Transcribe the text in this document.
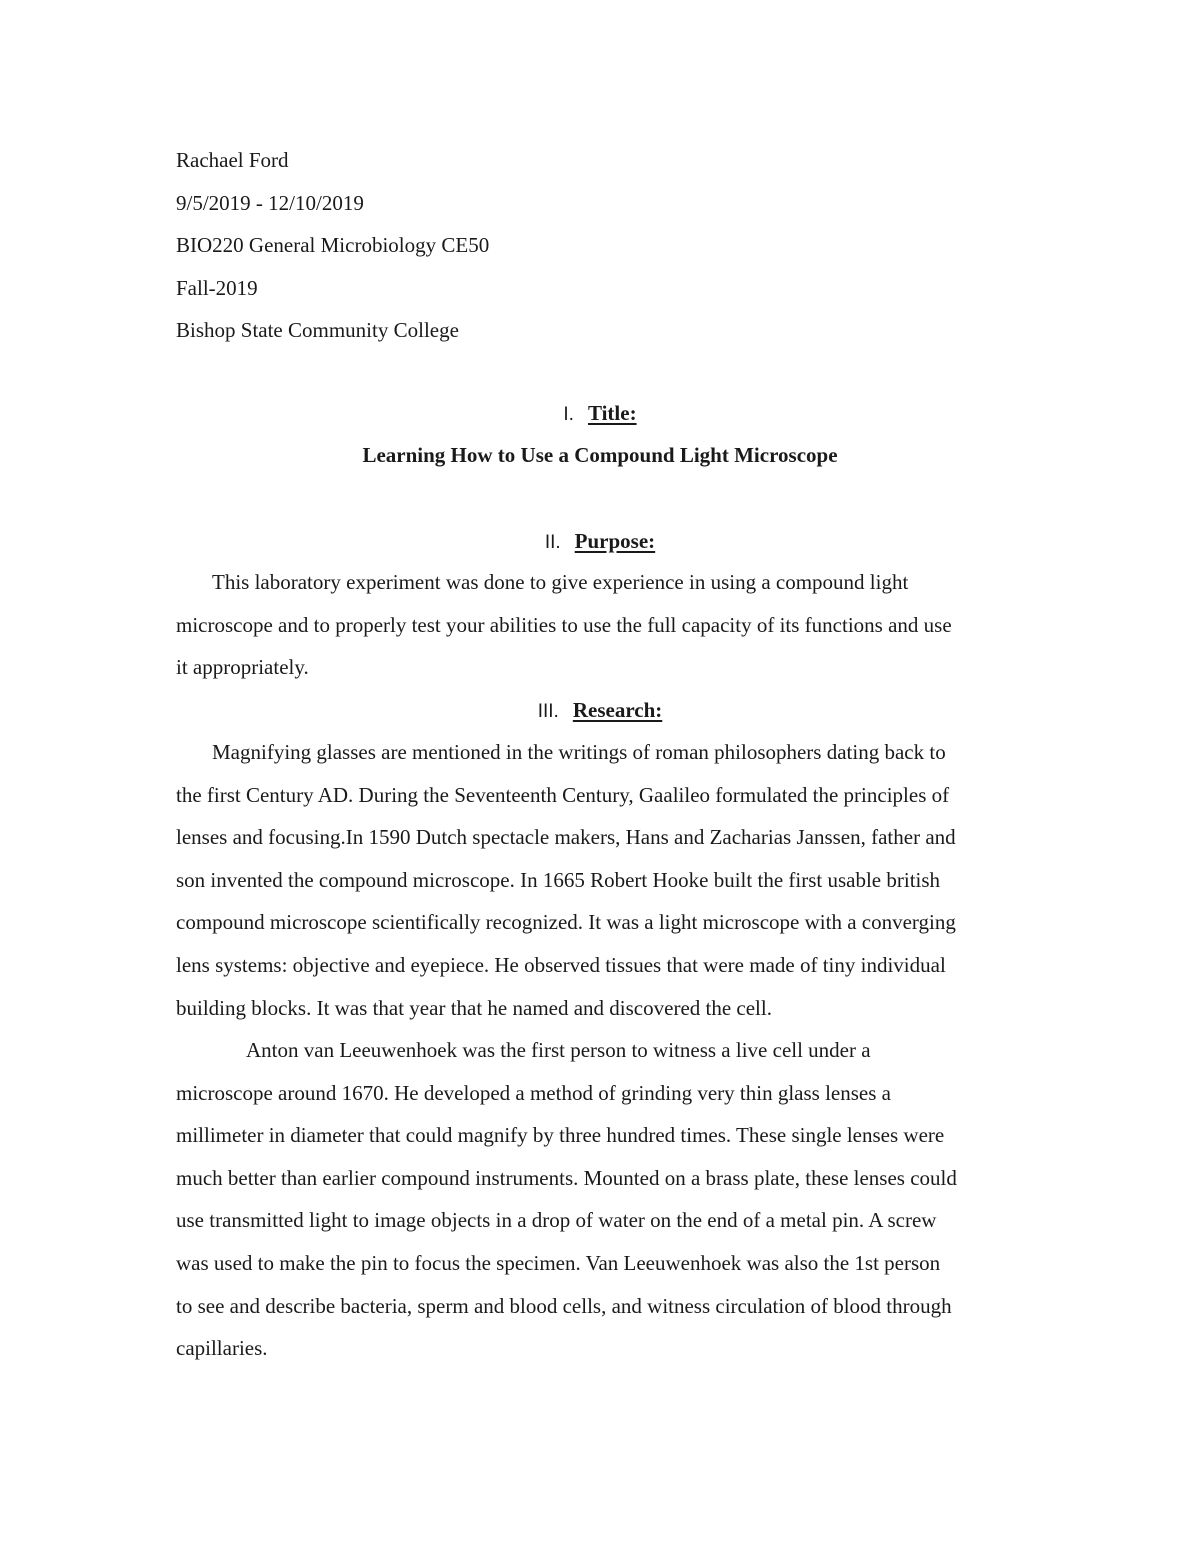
Rachael Ford
9/5/2019 - 12/10/2019
BIO220 General Microbiology CE50
Fall-2019
Bishop State Community College
I. Title:
Learning How to Use a Compound Light Microscope
II. Purpose:
This laboratory experiment was done to give experience in using a compound light
microscope and to properly test your abilities to use the full capacity of its functions and use
it appropriately.
III. Research:
Magnifying glasses are mentioned in the writings of roman philosophers dating back to
the first Century AD. During the Seventeenth Century, Gaalileo formulated the principles of
lenses and focusing.In 1590 Dutch spectacle makers, Hans and Zacharias Janssen, father and
son invented the compound microscope. In 1665 Robert Hooke built the first usable british
compound microscope scientifically recognized. It was a light microscope with a converging
lens systems: objective and eyepiece. He observed tissues that were made of tiny individual
building blocks. It was that year that he named and discovered the cell.
Anton van Leeuwenhoek was the first person to witness a live cell under a
microscope around 1670. He developed a method of grinding very thin glass lenses a
millimeter in diameter that could magnify by three hundred times. These single lenses were
much better than earlier compound instruments. Mounted on a brass plate, these lenses could
use transmitted light to image objects in a drop of water on the end of a metal pin. A screw
was used to make the pin to focus the specimen. Van Leeuwenhoek was also the 1st person
to see and describe bacteria, sperm and blood cells, and witness circulation of blood through
capillaries.
